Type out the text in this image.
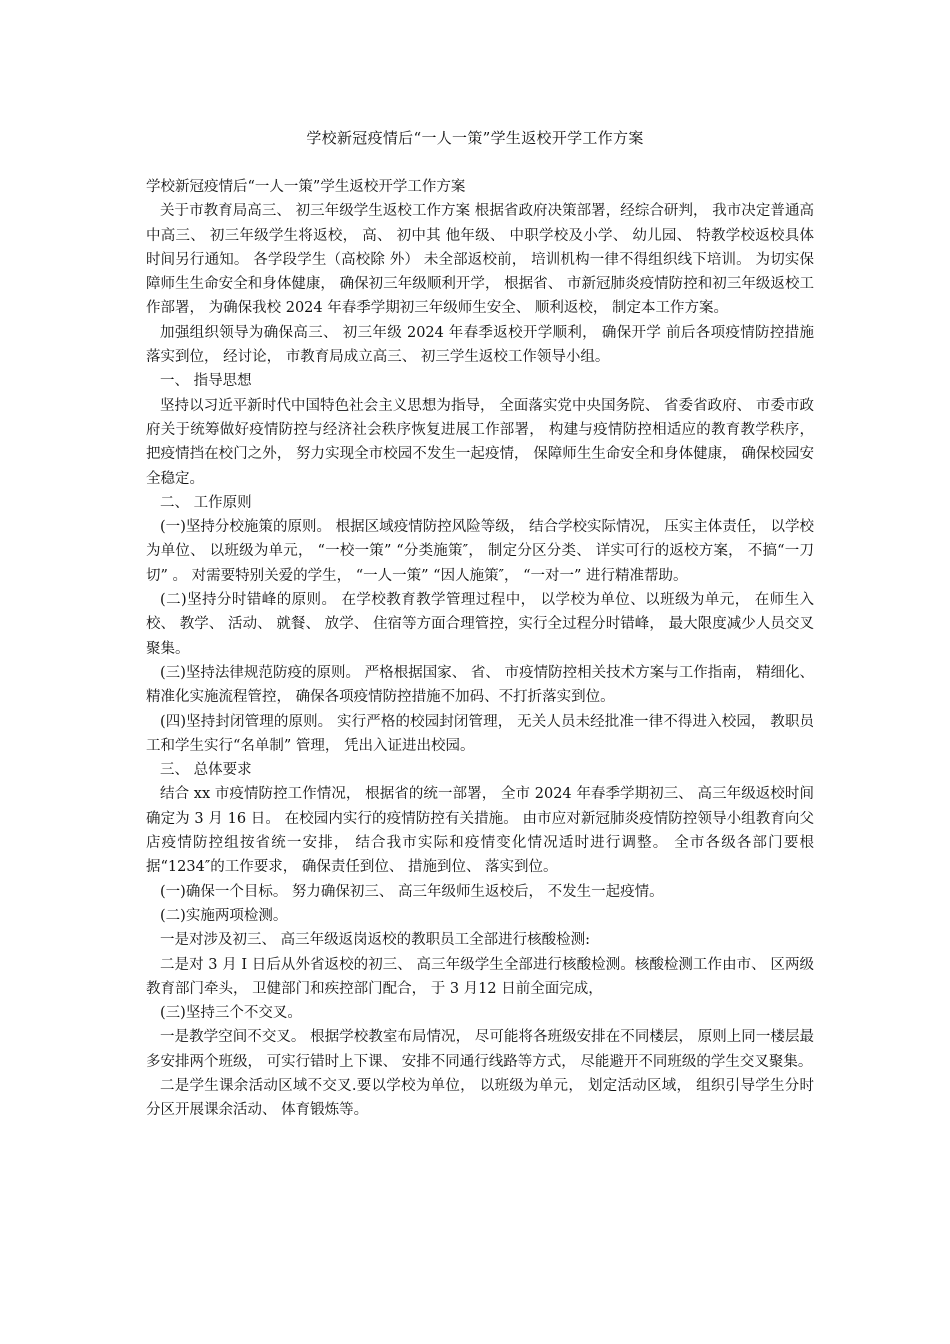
学校新冠疫情后“一人一策”学生返校开学工作方案

学校新冠疫情后“一人一策”学生返校开学工作方案

关于市教育局高三、 初三年级学生返校工作方案 根据省政府决策部署，经综合研判， 我市决定普通高中高三、 初三年级学生将返校， 高、 初中其 他年级、 中职学校及小学、 幼儿园、 特教学校返校具体时间另行通知。 各学段学生（高校除 外） 未全部返校前， 培训机构一律不得组织线下培训。 为切实保障师生生命安全和身体健康， 确保初三年级顺利开学， 根据省、 市新冠肺炎疫情防控和初三年级返校工作部署， 为确保我校 2024 年春季学期初三年级师生安全、 顺利返校， 制定本工作方案。

加强组织领导为确保高三、 初三年级 2024 年春季返校开学顺利， 确保开学 前后各项疫情防控措施落实到位， 经讨论， 市教育局成立高三、 初三学生返校工作领导小组。

一、 指导思想

坚持以习近平新时代中国特色社会主义思想为指导， 全面落实党中央国务院、 省委省政府、 市委市政府关于统筹做好疫情防控与经济社会秩序恢复进展工作部署， 构建与疫情防控相适应的教育教学秩序， 把疫情挡在校门之外， 努力实现全市校园不发生一起疫情， 保障师生生命安全和身体健康， 确保校园安全稳定。

二、 工作原则

(一)坚持分校施策的原则。 根据区域疫情防控风险等级， 结合学校实际情况， 压实主体责任， 以学校为单位、 以班级为单元， “一校一策” “分类施策″， 制定分区分类、 详实可行的返校方案， 不搞“一刀切” 。 对需要特别关爱的学生， “一人一策” “因人施策″， “一对一” 进行精准帮助。

(二)坚持分时错峰的原则。 在学校教育教学管理过程中， 以学校为单位、以班级为单元， 在师生入校、 教学、 活动、 就餐、 放学、 住宿等方面合理管控，实行全过程分时错峰， 最大限度减少人员交叉聚集。

(三)坚持法律规范防疫的原则。 严格根据国家、 省、 市疫情防控相关技术方案与工作指南， 精细化、 精准化实施流程管控， 确保各项疫情防控措施不加码、不打折落实到位。

(四)坚持封闭管理的原则。 实行严格的校园封闭管理， 无关人员未经批准一律不得进入校园， 教职员工和学生实行“名单制” 管理， 凭出入证进出校园。

三、 总体要求

结合 xx 市疫情防控工作情况， 根据省的统一部署， 全市 2024 年春季学期初三、 高三年级返校时间确定为 3 月 16 日。 在校园内实行的疫情防控有关措施。 由市应对新冠肺炎疫情防控领导小组教育向父店疫情防控组按省统一安排， 结合我市实际和疫情变化情况适时进行调整。 全市各级各部门要根据“1234″的工作要求， 确保责任到位、 措施到位、 落实到位。

(一)确保一个目标。 努力确保初三、 高三年级师生返校后， 不发生一起疫情。

(二)实施两项检测。

一是对涉及初三、 高三年级返岗返校的教职员工全部进行核酸检测:

二是对 3 月 I 日后从外省返校的初三、 高三年级学生全部进行核酸检测。核酸检测工作由市、 区两级教育部门牵头， 卫健部门和疾控部门配合， 于 3 月12 日前全面完成，

(三)坚持三个不交叉。

一是教学空间不交叉。 根据学校教室布局情况， 尽可能将各班级安排在不同楼层， 原则上同一楼层最多安排两个班级， 可实行错时上下课、 安排不同通行线路等方式， 尽能避开不同班级的学生交叉聚集。

二是学生课余活动区域不交叉.要以学校为单位， 以班级为单元， 划定活动区域， 组织引导学生分时分区开展课余活动、 体育锻炼等。
